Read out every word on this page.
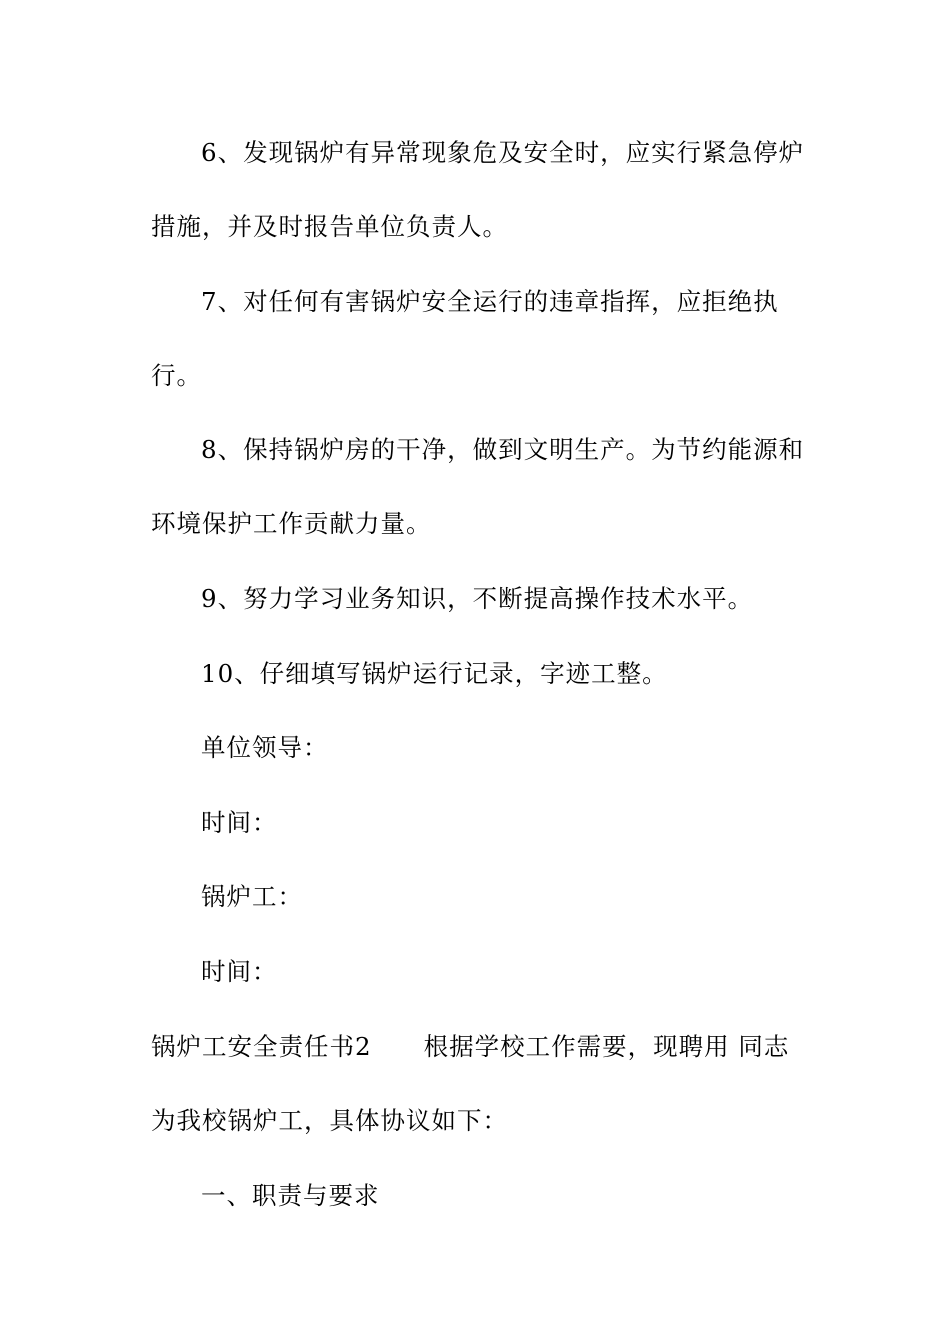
6、发现锅炉有异常现象危及安全时，应实行紧急停炉
措施，并及时报告单位负责人。
7、对任何有害锅炉安全运行的违章指挥，应拒绝执
行。
8、保持锅炉房的干净，做到文明生产。为节约能源和
环境保护工作贡献力量。
9、努力学习业务知识，不断提高操作技术水平。
10、仔细填写锅炉运行记录，字迹工整。
单位领导：
时间：
锅炉工：
时间：
锅炉工安全责任书2 根据学校工作需要，现聘用 同志
为我校锅炉工，具体协议如下：
一、职责与要求
